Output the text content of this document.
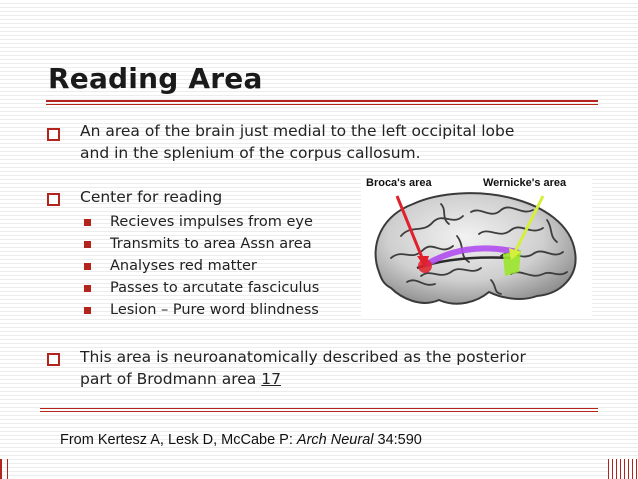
Reading Area

An area of the brain just medial to the left occipital lobe

and in the splenium of the corpus callosum.

Center for reading

Recieves impulses from eye

Transmits to area Assn area

Analyses red matter

Passes to arcutate fasciculus

Lesion – Pure word blindness

Broca's area	Wernicke's area

This area is neuroanatomically described as the posterior

part of Brodmann area 17

From Kertesz A, Lesk D, McCabe P: Arch Neural 34:590
